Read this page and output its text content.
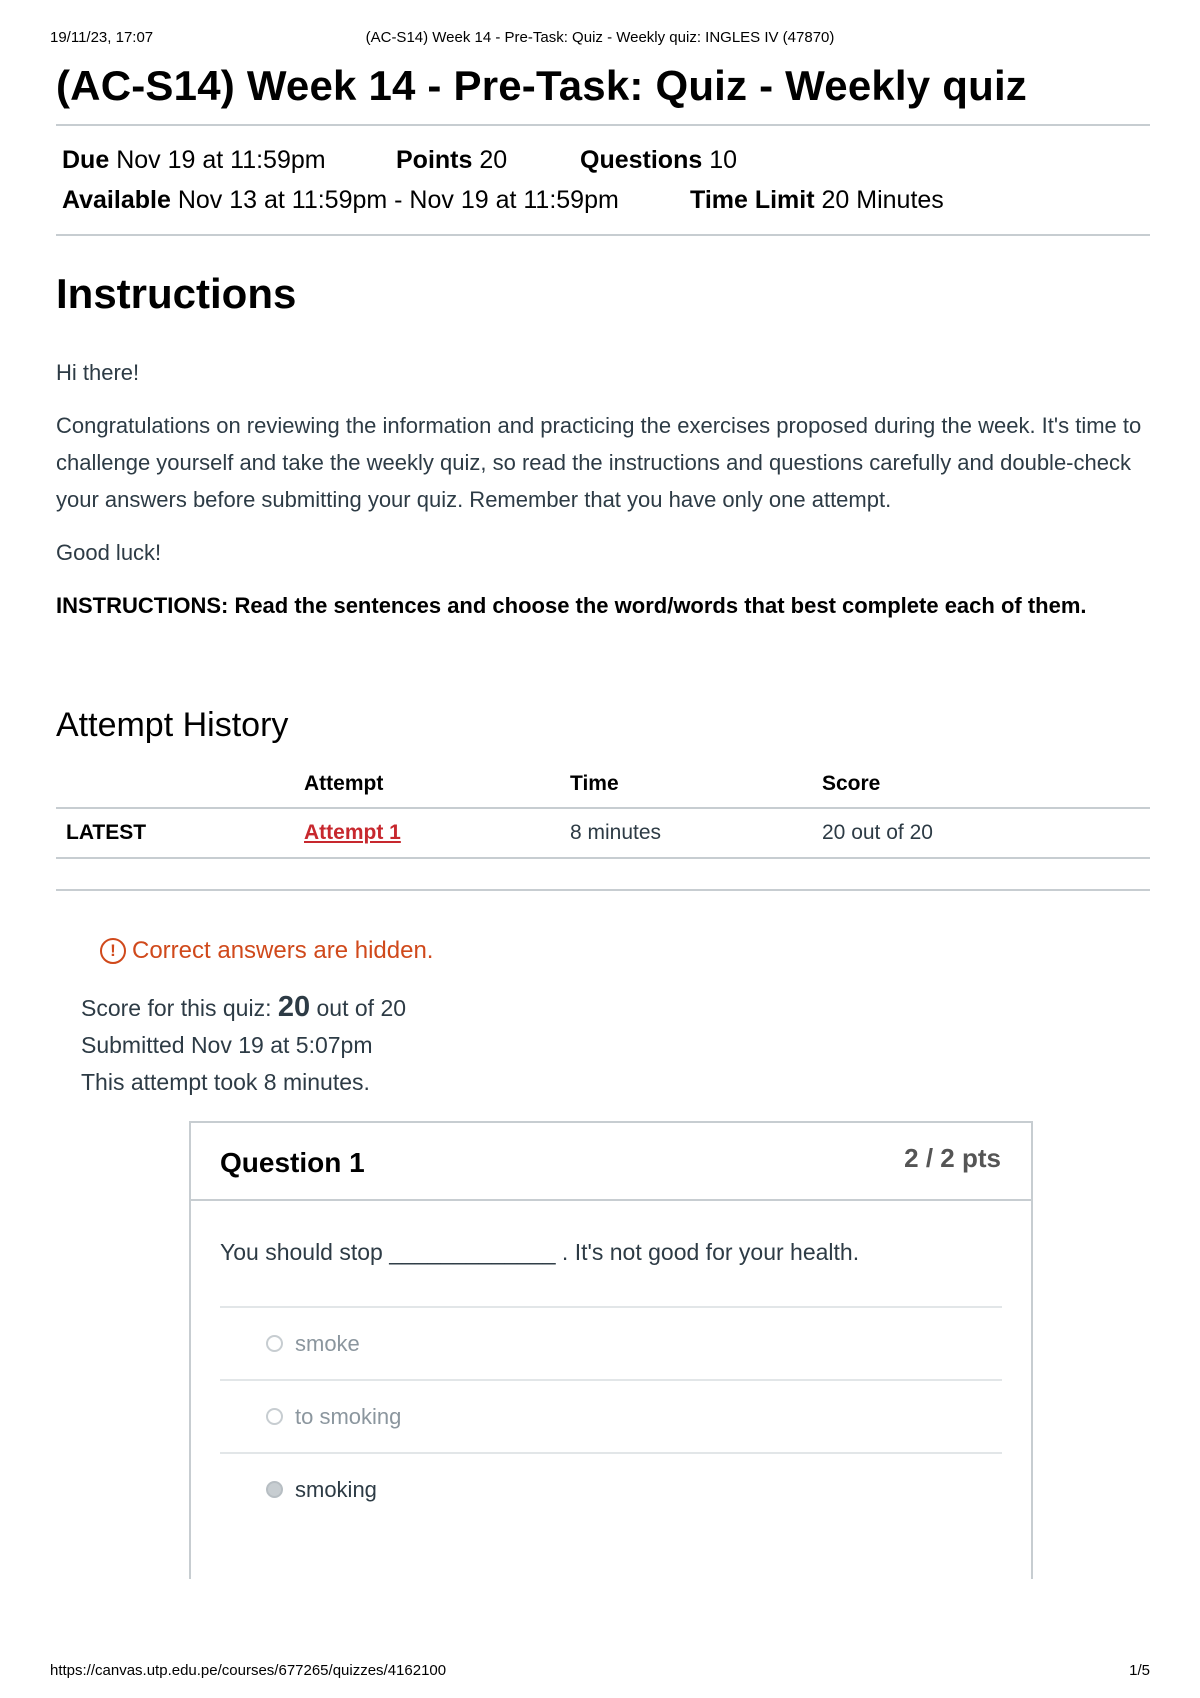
19/11/23, 17:07	(AC-S14) Week 14 - Pre-Task: Quiz - Weekly quiz: INGLES IV (47870)
(AC-S14) Week 14 - Pre-Task: Quiz - Weekly quiz
Due Nov 19 at 11:59pm	Points 20	Questions 10
Available Nov 13 at 11:59pm - Nov 19 at 11:59pm	Time Limit 20 Minutes
Instructions

Hi there!

Congratulations on reviewing the information and practicing the exercises proposed during the week. It's time to challenge yourself and take the weekly quiz, so read the instructions and questions carefully and double-check your answers before submitting your quiz. Remember that you have only one attempt.

Good luck!

INSTRUCTIONS: Read the sentences and choose the word/words that best complete each of them.

Attempt History
	Attempt	Time	Score
LATEST	Attempt 1	8 minutes	20 out of 20
! Correct answers are hidden.
Score for this quiz: 20 out of 20
Submitted Nov 19 at 5:07pm
This attempt took 8 minutes.
Question 1	2 / 2 pts
You should stop _____________ . It's not good for your health.
smoke
to smoking
smoking
https://canvas.utp.edu.pe/courses/677265/quizzes/4162100	1/5
